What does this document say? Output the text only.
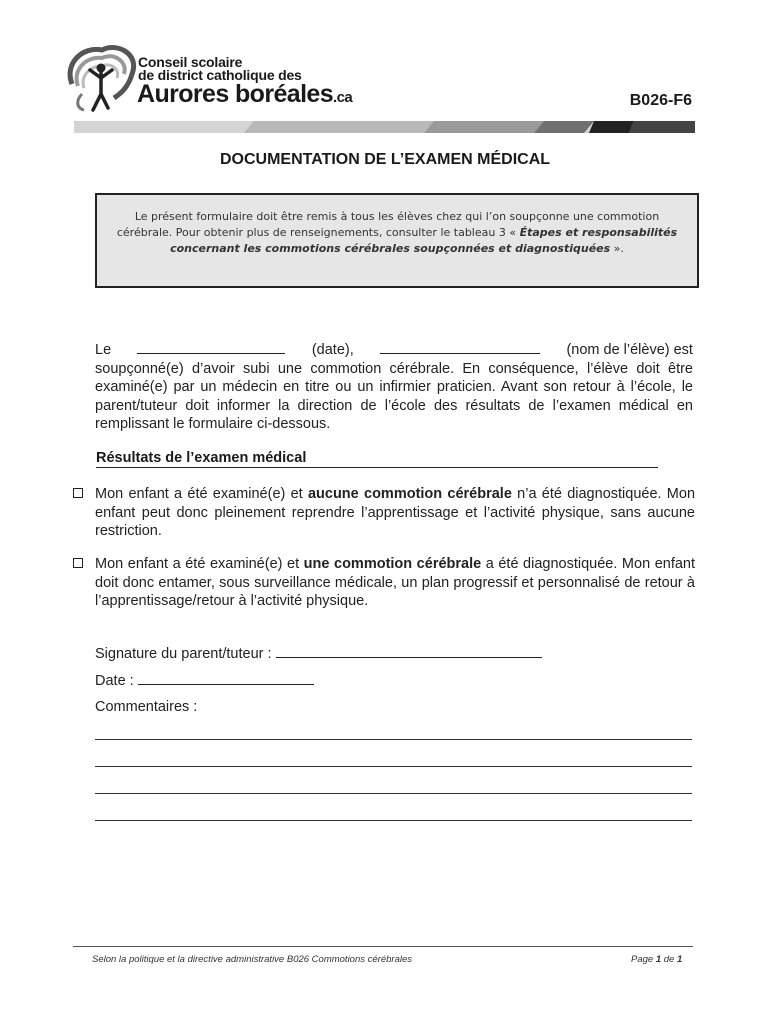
Conseil scolaire
de district catholique des
Aurores boréales.ca	B026-F6
DOCUMENTATION DE L’EXAMEN MÉDICAL
Le présent formulaire doit être remis à tous les élèves chez qui l’on soupçonne une commotion
cérébrale. Pour obtenir plus de renseignements, consulter le tableau 3 « Étapes et responsabilités
concernant les commotions cérébrales soupçonnées et diagnostiquées ».
Le	(date),	(nom de l’élève) est
soupçonné(e) d’avoir subi une commotion cérébrale. En conséquence, l’élève doit être examiné(e) par un médecin en titre ou un infirmier praticien. Avant son retour à l’école, le parent/tuteur doit informer la direction de l’école des résultats de l’examen médical en remplissant le formulaire ci-dessous.
Résultats de l’examen médical
Mon enfant a été examiné(e) et aucune commotion cérébrale n’a été diagnostiquée. Mon enfant peut donc pleinement reprendre l’apprentissage et l’activité physique, sans aucune restriction.
Mon enfant a été examiné(e) et une commotion cérébrale a été diagnostiquée. Mon enfant doit donc entamer, sous surveillance médicale, un plan progressif et personnalisé de retour à l’apprentissage/retour à l’activité physique.
Signature du parent/tuteur :
Date :
Commentaires :
Selon la politique et la directive administrative B026 Commotions cérébrales	Page 1 de 1
